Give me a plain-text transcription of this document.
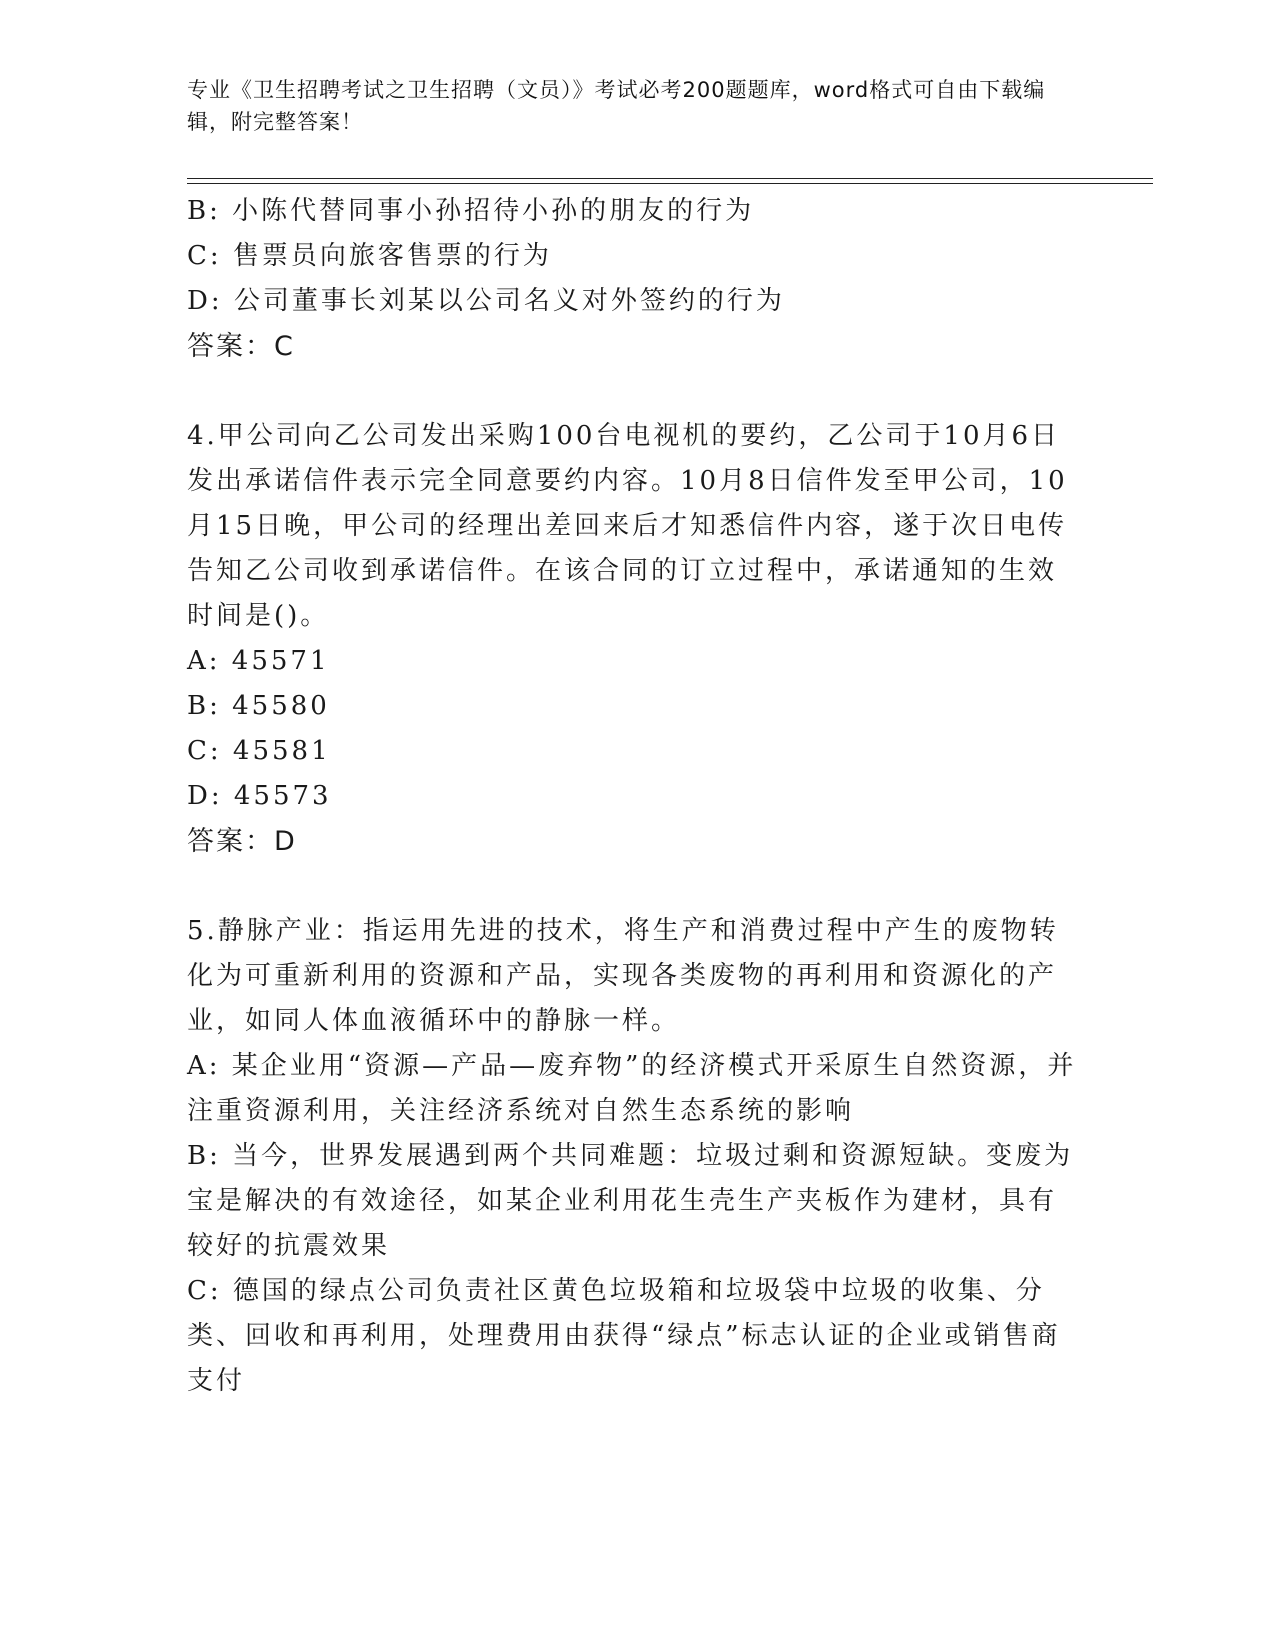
专业《卫生招聘考试之卫生招聘（文员）》考试必考200题题库，word格式可自由下载编辑，附完整答案！
B: 小陈代替同事小孙招待小孙的朋友的行为
C: 售票员向旅客售票的行为
D: 公司董事长刘某以公司名义对外签约的行为
答案：C
4.甲公司向乙公司发出采购100台电视机的要约，乙公司于10月6日发出承诺信件表示完全同意要约内容。10月8日信件发至甲公司，10月15日晚，甲公司的经理出差回来后才知悉信件内容，遂于次日电传告知乙公司收到承诺信件。在该合同的订立过程中，承诺通知的生效时间是()。
A: 45571
B: 45580
C: 45581
D: 45573
答案：D
5.静脉产业：指运用先进的技术，将生产和消费过程中产生的废物转化为可重新利用的资源和产品，实现各类废物的再利用和资源化的产业，如同人体血液循环中的静脉一样。
A: 某企业用“资源—产品—废弃物”的经济模式开采原生自然资源，并注重资源利用，关注经济系统对自然生态系统的影响
B: 当今，世界发展遇到两个共同难题：垃圾过剩和资源短缺。变废为宝是解决的有效途径，如某企业利用花生壳生产夹板作为建材，具有较好的抗震效果
C: 德国的绿点公司负责社区黄色垃圾箱和垃圾袋中垃圾的收集、分类、回收和再利用，处理费用由获得“绿点”标志认证的企业或销售商支付
